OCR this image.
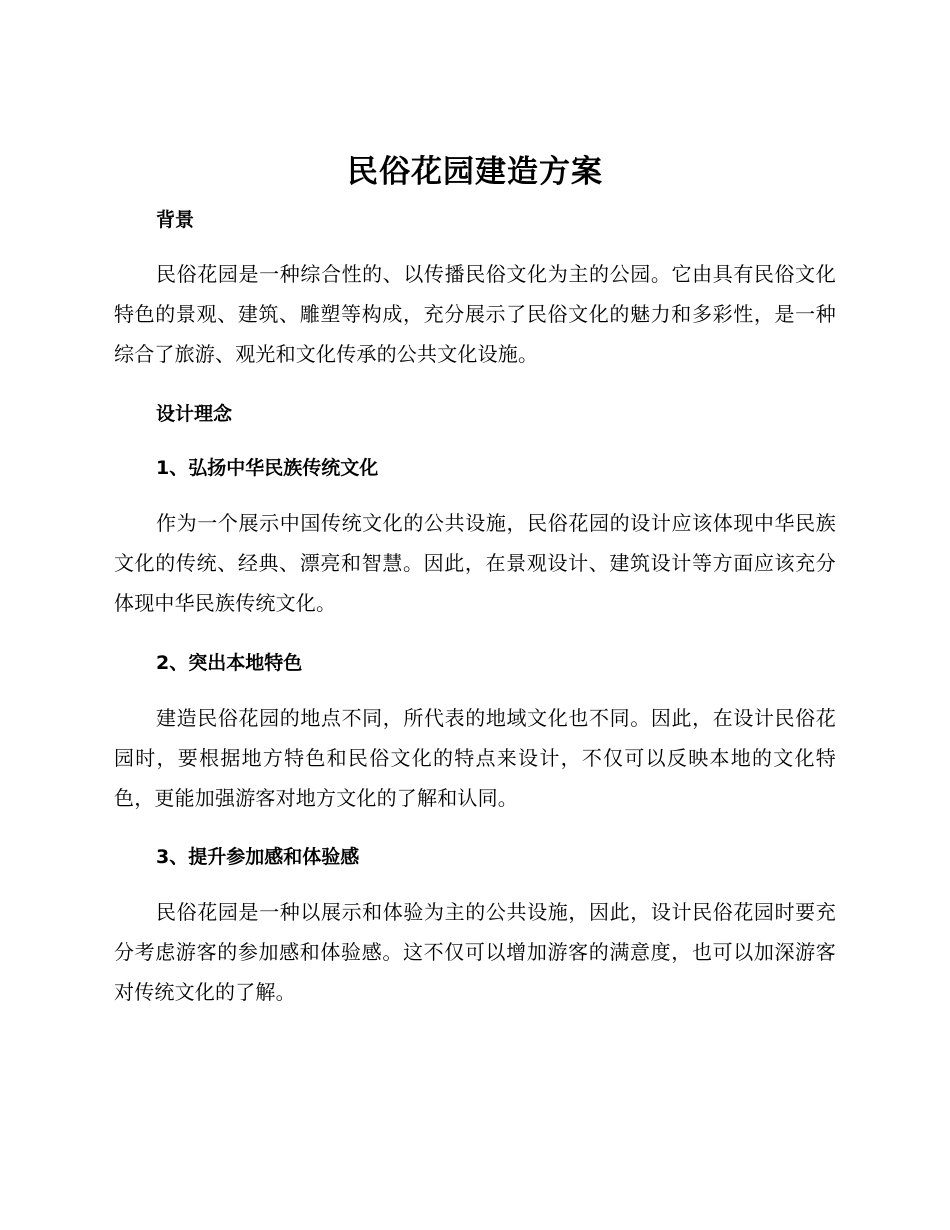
民俗花园建造方案
背景

民俗花园是一种综合性的、以传播民俗文化为主的公园。它由具有民俗文化特色的景观、建筑、雕塑等构成，充分展示了民俗文化的魅力和多彩性，是一种综合了旅游、观光和文化传承的公共文化设施。

设计理念
1、弘扬中华民族传统文化

作为一个展示中国传统文化的公共设施，民俗花园的设计应该体现中华民族文化的传统、经典、漂亮和智慧。因此，在景观设计、建筑设计等方面应该充分体现中华民族传统文化。

2、突出本地特色

建造民俗花园的地点不同，所代表的地域文化也不同。因此，在设计民俗花园时，要根据地方特色和民俗文化的特点来设计，不仅可以反映本地的文化特色，更能加强游客对地方文化的了解和认同。

3、提升参加感和体验感

民俗花园是一种以展示和体验为主的公共设施，因此，设计民俗花园时要充分考虑游客的参加感和体验感。这不仅可以增加游客的满意度，也可以加深游客对传统文化的了解。
